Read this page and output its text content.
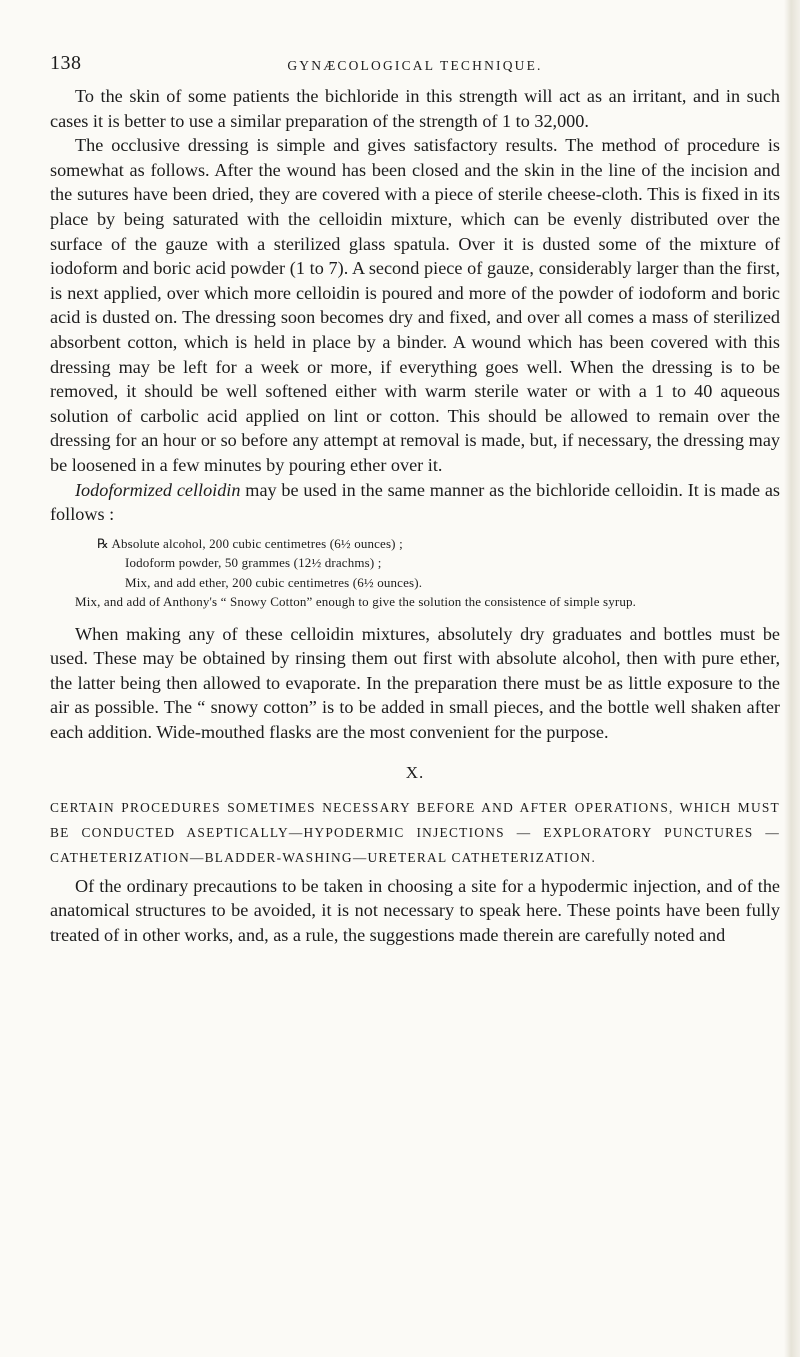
138	GYNÆCOLOGICAL TECHNIQUE.

To the skin of some patients the bichloride in this strength will act as an irritant, and in such cases it is better to use a similar preparation of the strength of 1 to 32,000.

The occlusive dressing is simple and gives satisfactory results. The method of procedure is somewhat as follows. After the wound has been closed and the skin in the line of the incision and the sutures have been dried, they are covered with a piece of sterile cheese-cloth. This is fixed in its place by being saturated with the celloidin mixture, which can be evenly distributed over the surface of the gauze with a sterilized glass spatula. Over it is dusted some of the mixture of iodoform and boric acid powder (1 to 7). A second piece of gauze, considerably larger than the first, is next applied, over which more celloidin is poured and more of the powder of iodoform and boric acid is dusted on. The dressing soon becomes dry and fixed, and over all comes a mass of sterilized absorbent cotton, which is held in place by a binder. A wound which has been covered with this dressing may be left for a week or more, if everything goes well. When the dressing is to be removed, it should be well softened either with warm sterile water or with a 1 to 40 aqueous solution of carbolic acid applied on lint or cotton. This should be allowed to remain over the dressing for an hour or so before any attempt at removal is made, but, if necessary, the dressing may be loosened in a few minutes by pouring ether over it.

Iodoformized celloidin may be used in the same manner as the bichloride celloidin. It is made as follows :

℞ Absolute alcohol, 200 cubic centimetres (6½ ounces) ;
Iodoform powder, 50 grammes (12½ drachms) ;
Mix, and add ether, 200 cubic centimetres (6½ ounces).
Mix, and add of Anthony's “ Snowy Cotton” enough to give the solution the consistence of simple syrup.

When making any of these celloidin mixtures, absolutely dry graduates and bottles must be used. These may be obtained by rinsing them out first with absolute alcohol, then with pure ether, the latter being then allowed to evaporate. In the preparation there must be as little exposure to the air as possible. The “ snowy cotton” is to be added in small pieces, and the bottle well shaken after each addition. Wide-mouthed flasks are the most convenient for the purpose.

X.
CERTAIN PROCEDURES SOMETIMES NECESSARY BEFORE AND AFTER OPERATIONS, WHICH MUST BE CONDUCTED ASEPTICALLY—HYPODERMIC INJECTIONS — EXPLORATORY PUNCTURES — CATHETERIZATION—BLADDER-WASHING—URETERAL CATHETERIZATION.

Of the ordinary precautions to be taken in choosing a site for a hypodermic injection, and of the anatomical structures to be avoided, it is not necessary to speak here. These points have been fully treated of in other works, and, as a rule, the suggestions made therein are carefully noted and
